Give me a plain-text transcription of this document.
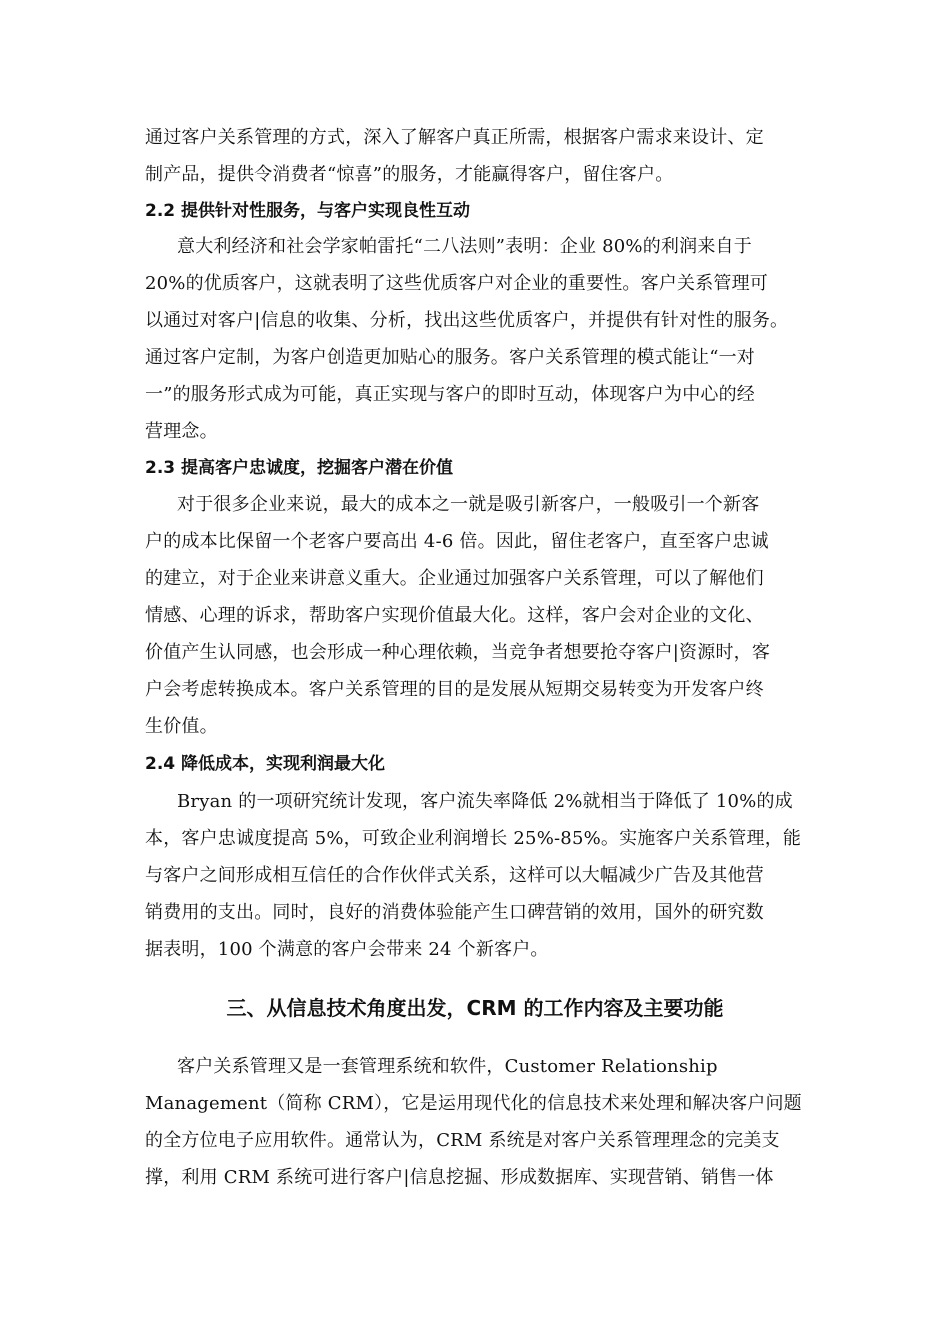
通过客户关系管理的方式，深入了解客户真正所需，根据客户需求来设计、定
制产品，提供令消费者“惊喜”的服务，才能赢得客户，留住客户。
2.2 提供针对性服务，与客户实现良性互动
意大利经济和社会学家帕雷托“二八法则”表明：企业 80%的利润来自于
20%的优质客户，这就表明了这些优质客户对企业的重要性。客户关系管理可
以通过对客户|信息的收集、分析，找出这些优质客户，并提供有针对性的服务。
通过客户定制，为客户创造更加贴心的服务。客户关系管理的模式能让“一对
一”的服务形式成为可能，真正实现与客户的即时互动，体现客户为中心的经
营理念。
2.3 提高客户忠诚度，挖掘客户潜在价值
对于很多企业来说，最大的成本之一就是吸引新客户，一般吸引一个新客
户的成本比保留一个老客户要高出 4-6 倍。因此，留住老客户，直至客户忠诚
的建立，对于企业来讲意义重大。企业通过加强客户关系管理，可以了解他们
情感、心理的诉求，帮助客户实现价值最大化。这样，客户会对企业的文化、
价值产生认同感，也会形成一种心理依赖，当竞争者想要抢夺客户|资源时，客
户会考虑转换成本。客户关系管理的目的是发展从短期交易转变为开发客户终
生价值。
2.4 降低成本，实现利润最大化
Bryan 的一项研究统计发现，客户流失率降低 2%就相当于降低了 10%的成
本，客户忠诚度提高 5%，可致企业利润增长 25%-85%。实施客户关系管理，能
与客户之间形成相互信任的合作伙伴式关系，这样可以大幅减少广告及其他营
销费用的支出。同时，良好的消费体验能产生口碑营销的效用，国外的研究数
据表明，100 个满意的客户会带来 24 个新客户。
三、从信息技术角度出发，CRM 的工作内容及主要功能
客户关系管理又是一套管理系统和软件，Customer Relationship
Management（简称 CRM），它是运用现代化的信息技术来处理和解决客户问题
的全方位电子应用软件。通常认为，CRM 系统是对客户关系管理理念的完美支
撑，利用 CRM 系统可进行客户|信息挖掘、形成数据库、实现营销、销售一体
